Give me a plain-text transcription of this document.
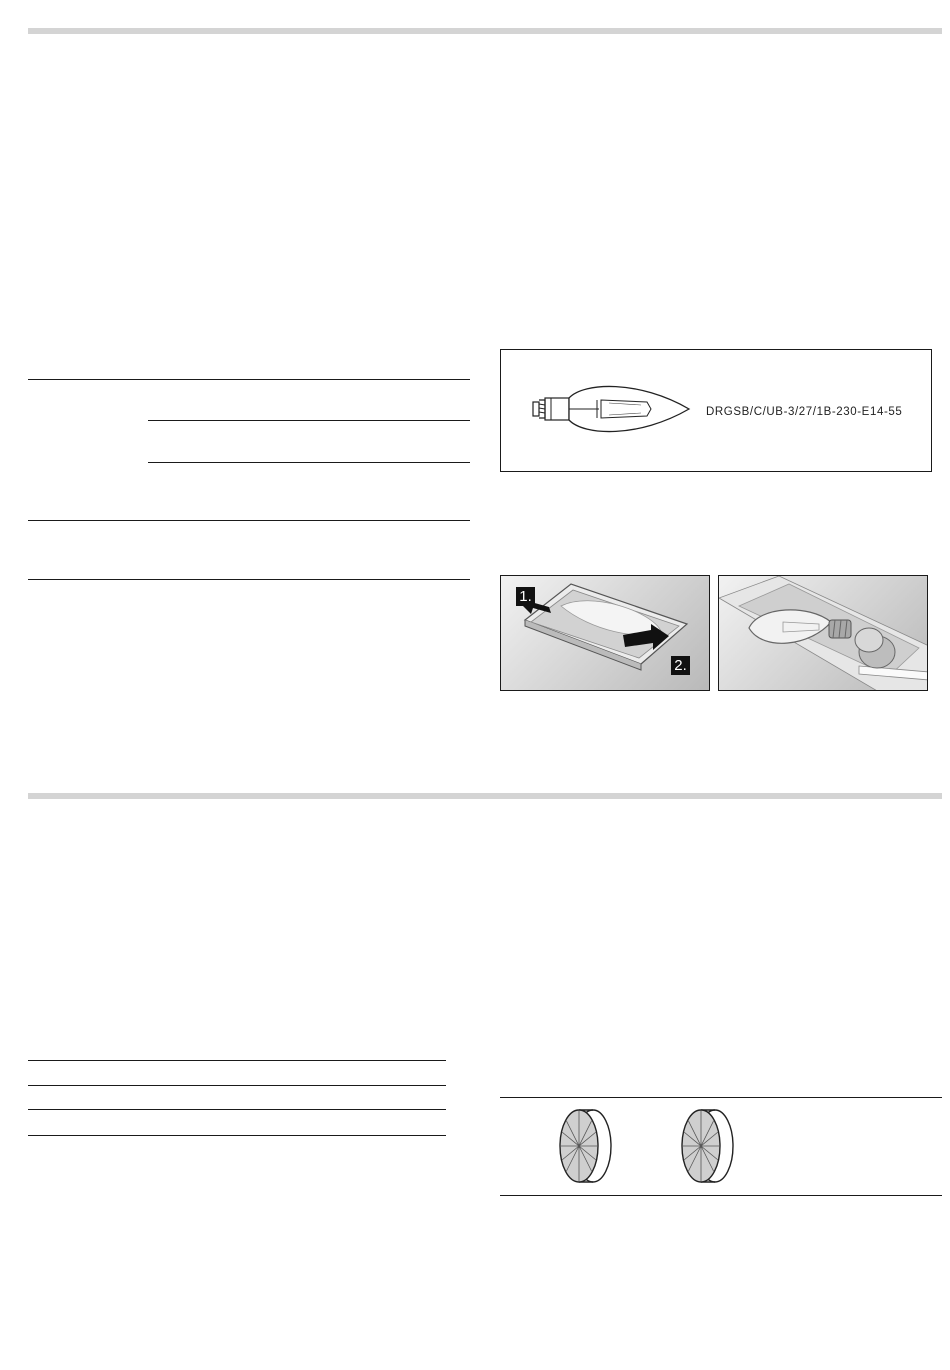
DRGSB/C/UB-3/27/1B-230-E14-55
1.
2.
